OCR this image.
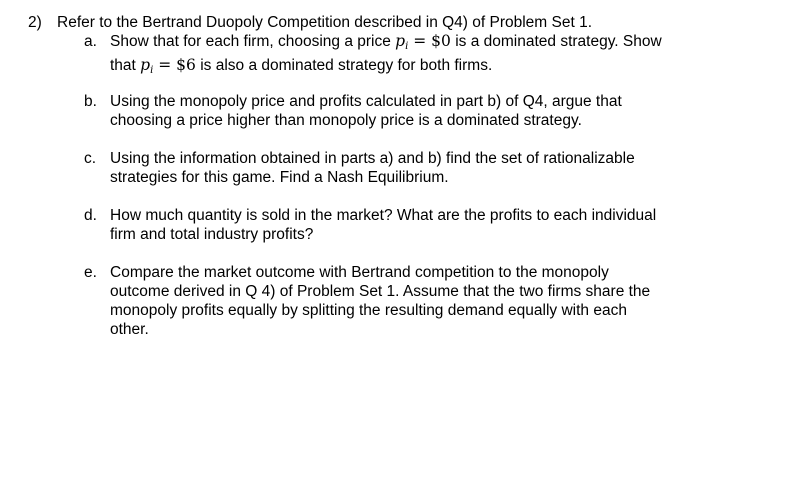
2) Refer to the Bertrand Duopoly Competition described in Q4) of Problem Set 1.
a. Show that for each firm, choosing a price $p_i$ = $0 is a dominated strategy. Show
that $p_i$ = $6 is also a dominated strategy for both firms.
b. Using the monopoly price and profits calculated in part b) of Q4, argue that
choosing a price higher than monopoly price is a dominated strategy.
c. Using the information obtained in parts a) and b) find the set of rationalizable
strategies for this game. Find a Nash Equilibrium.
d. How much quantity is sold in the market? What are the profits to each individual
firm and total industry profits?
e. Compare the market outcome with Bertrand competition to the monopoly
outcome derived in Q 4) of Problem Set 1. Assume that the two firms share the
monopoly profits equally by splitting the resulting demand equally with each
other.
